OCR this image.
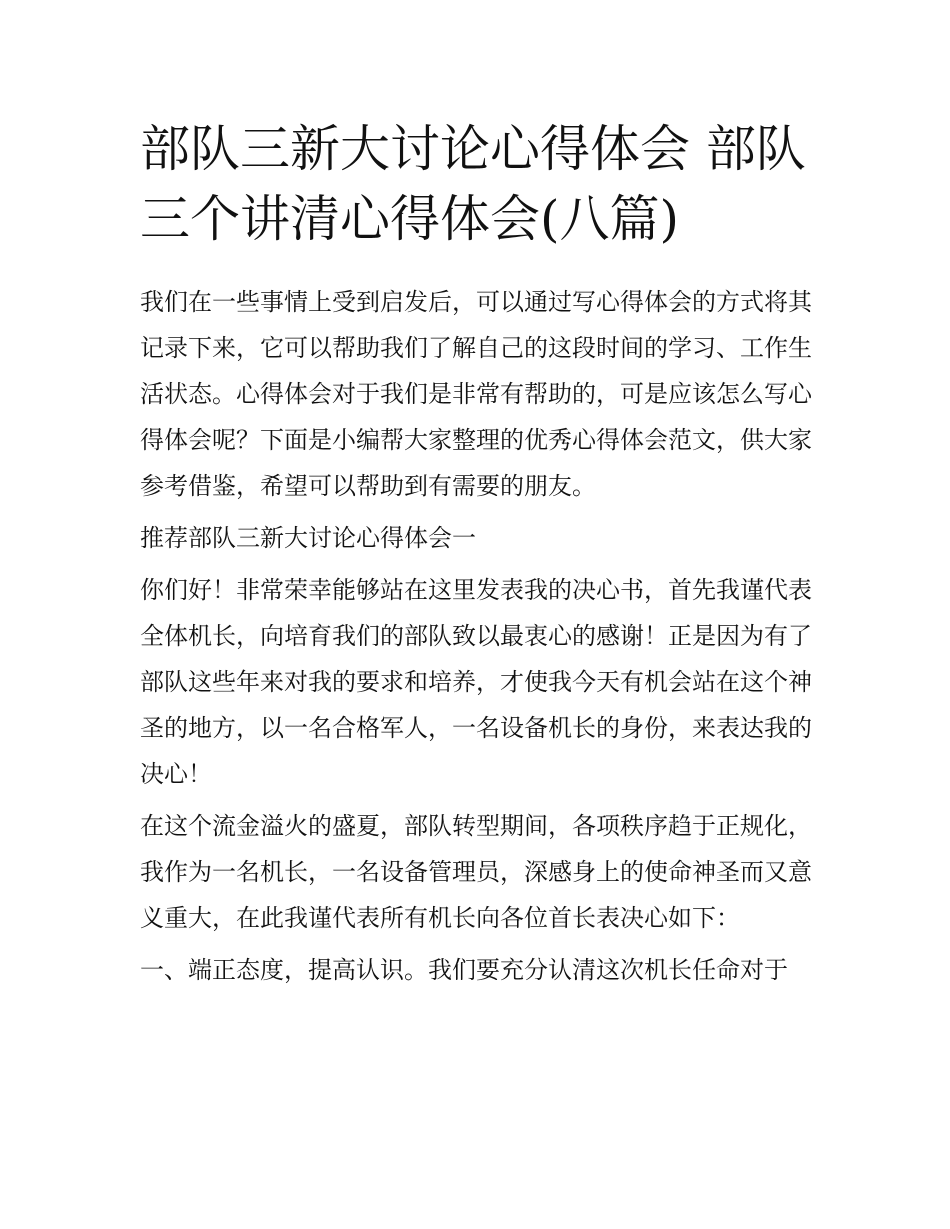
部队三新大讨论心得体会 部队三个讲清心得体会(八篇)

我们在一些事情上受到启发后，可以通过写心得体会的方式将其记录下来，它可以帮助我们了解自己的这段时间的学习、工作生活状态。心得体会对于我们是非常有帮助的，可是应该怎么写心得体会呢？下面是小编帮大家整理的优秀心得体会范文，供大家参考借鉴，希望可以帮助到有需要的朋友。

推荐部队三新大讨论心得体会一

你们好！非常荣幸能够站在这里发表我的决心书，首先我谨代表全体机长，向培育我们的部队致以最衷心的感谢！正是因为有了部队这些年来对我的要求和培养，才使我今天有机会站在这个神圣的地方，以一名合格军人，一名设备机长的身份，来表达我的决心！

在这个流金溢火的盛夏，部队转型期间，各项秩序趋于正规化，我作为一名机长，一名设备管理员，深感身上的使命神圣而又意义重大，在此我谨代表所有机长向各位首长表决心如下：

一、端正态度，提高认识。我们要充分认清这次机长任命对于
